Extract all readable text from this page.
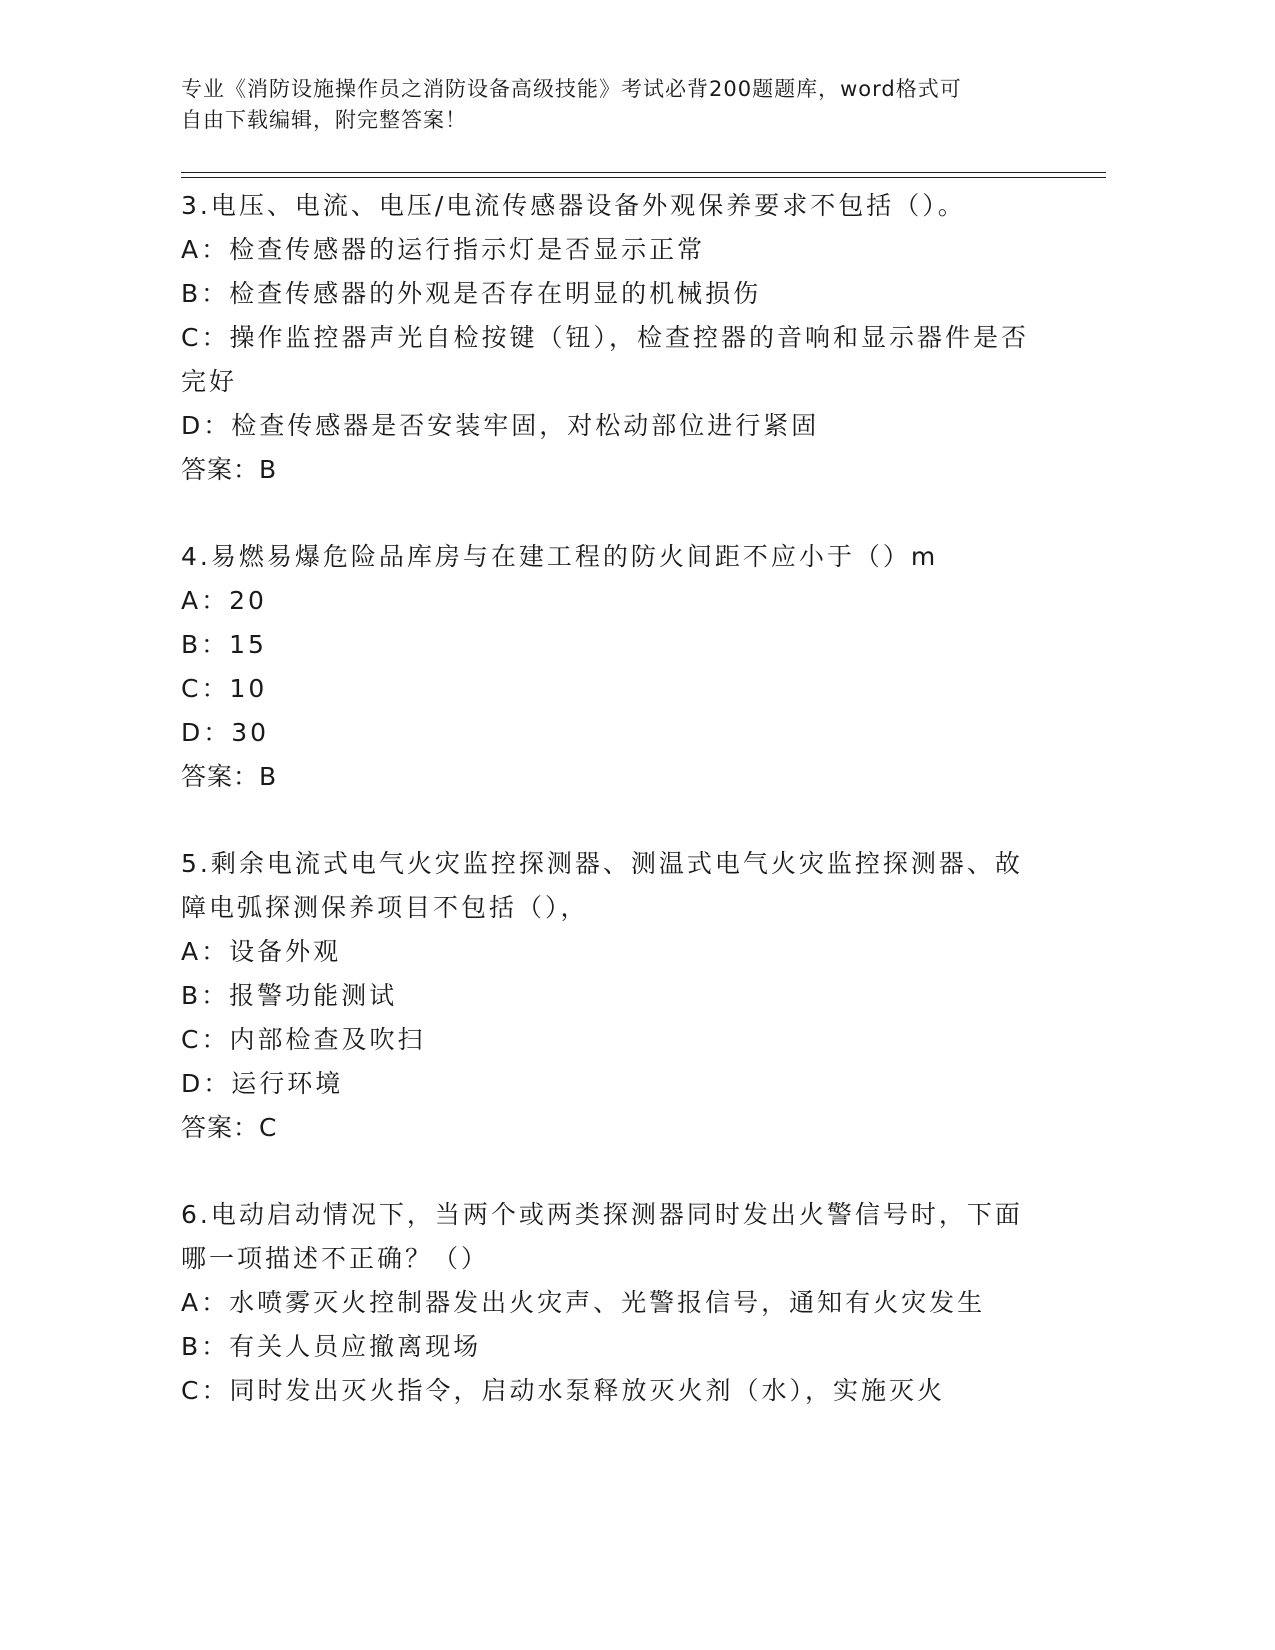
专业《消防设施操作员之消防设备高级技能》考试必背200题题库，word格式可
自由下载编辑，附完整答案！
3.电压、电流、电压/电流传感器设备外观保养要求不包括（）。
A：检查传感器的运行指示灯是否显示正常
B：检查传感器的外观是否存在明显的机械损伤
C：操作监控器声光自检按键（钮），检查控器的音响和显示器件是否
完好
D：检查传感器是否安装牢固，对松动部位进行紧固
答案：B
4.易燃易爆危险品库房与在建工程的防火间距不应小于（）m
A：20
B：15
C：10
D：30
答案：B
5.剩余电流式电气火灾监控探测器、测温式电气火灾监控探测器、故
障电弧探测保养项目不包括（），
A：设备外观
B：报警功能测试
C：内部检查及吹扫
D：运行环境
答案：C
6.电动启动情况下，当两个或两类探测器同时发出火警信号时，下面
哪一项描述不正确？（）
A：水喷雾灭火控制器发出火灾声、光警报信号，通知有火灾发生
B：有关人员应撤离现场
C：同时发出灭火指令，启动水泵释放灭火剂（水），实施灭火
